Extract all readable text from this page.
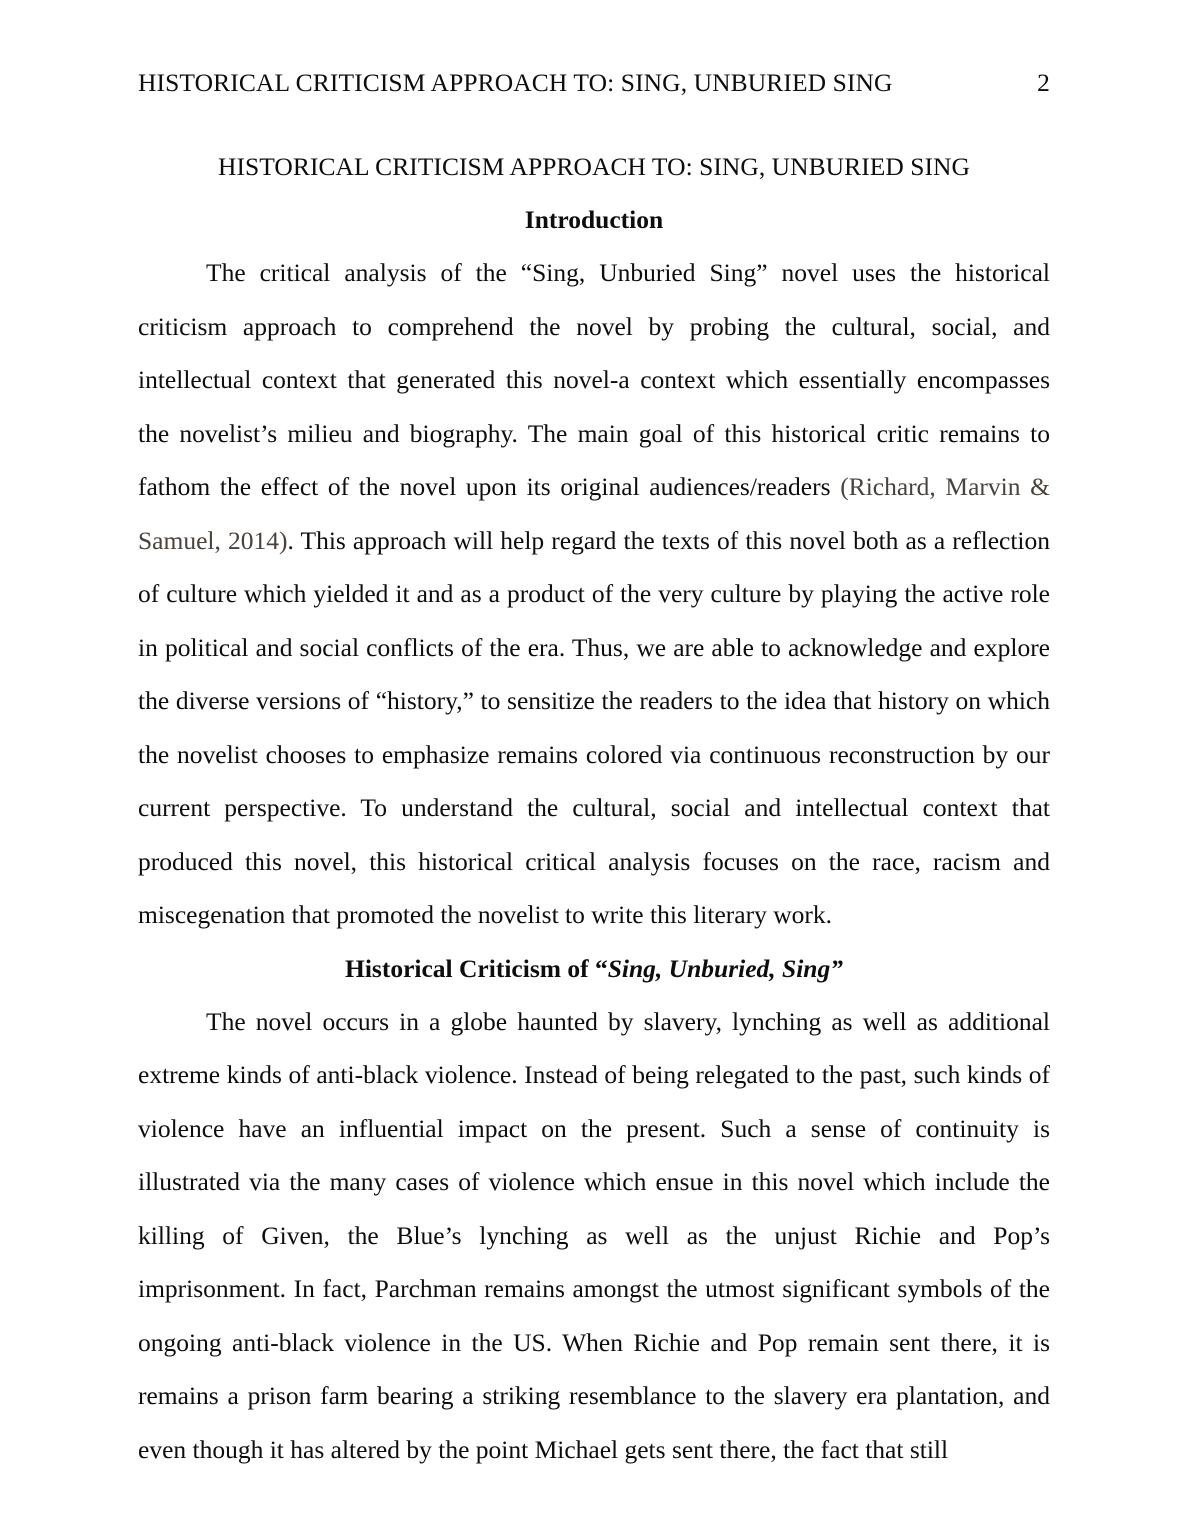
HISTORICAL CRITICISM APPROACH TO: SING, UNBURIED SING	2
HISTORICAL CRITICISM APPROACH TO: SING, UNBURIED SING
Introduction

The critical analysis of the “Sing, Unburied Sing” novel uses the historical criticism approach to comprehend the novel by probing the cultural, social, and intellectual context that generated this novel-a context which essentially encompasses the novelist’s milieu and biography. The main goal of this historical critic remains to fathom the effect of the novel upon its original audiences/readers (Richard, Marvin & Samuel, 2014). This approach will help regard the texts of this novel both as a reflection of culture which yielded it and as a product of the very culture by playing the active role in political and social conflicts of the era. Thus, we are able to acknowledge and explore the diverse versions of “history,” to sensitize the readers to the idea that history on which the novelist chooses to emphasize remains colored via continuous reconstruction by our current perspective. To understand the cultural, social and intellectual context that produced this novel, this historical critical analysis focuses on the race, racism and miscegenation that promoted the novelist to write this literary work.

Historical Criticism of “Sing, Unburied, Sing”

The novel occurs in a globe haunted by slavery, lynching as well as additional extreme kinds of anti-black violence. Instead of being relegated to the past, such kinds of violence have an influential impact on the present. Such a sense of continuity is illustrated via the many cases of violence which ensue in this novel which include the killing of Given, the Blue’s lynching as well as the unjust Richie and Pop’s imprisonment. In fact, Parchman remains amongst the utmost significant symbols of the ongoing anti-black violence in the US. When Richie and Pop remain sent there, it is remains a prison farm bearing a striking resemblance to the slavery era plantation, and even though it has altered by the point Michael gets sent there, the fact that still
